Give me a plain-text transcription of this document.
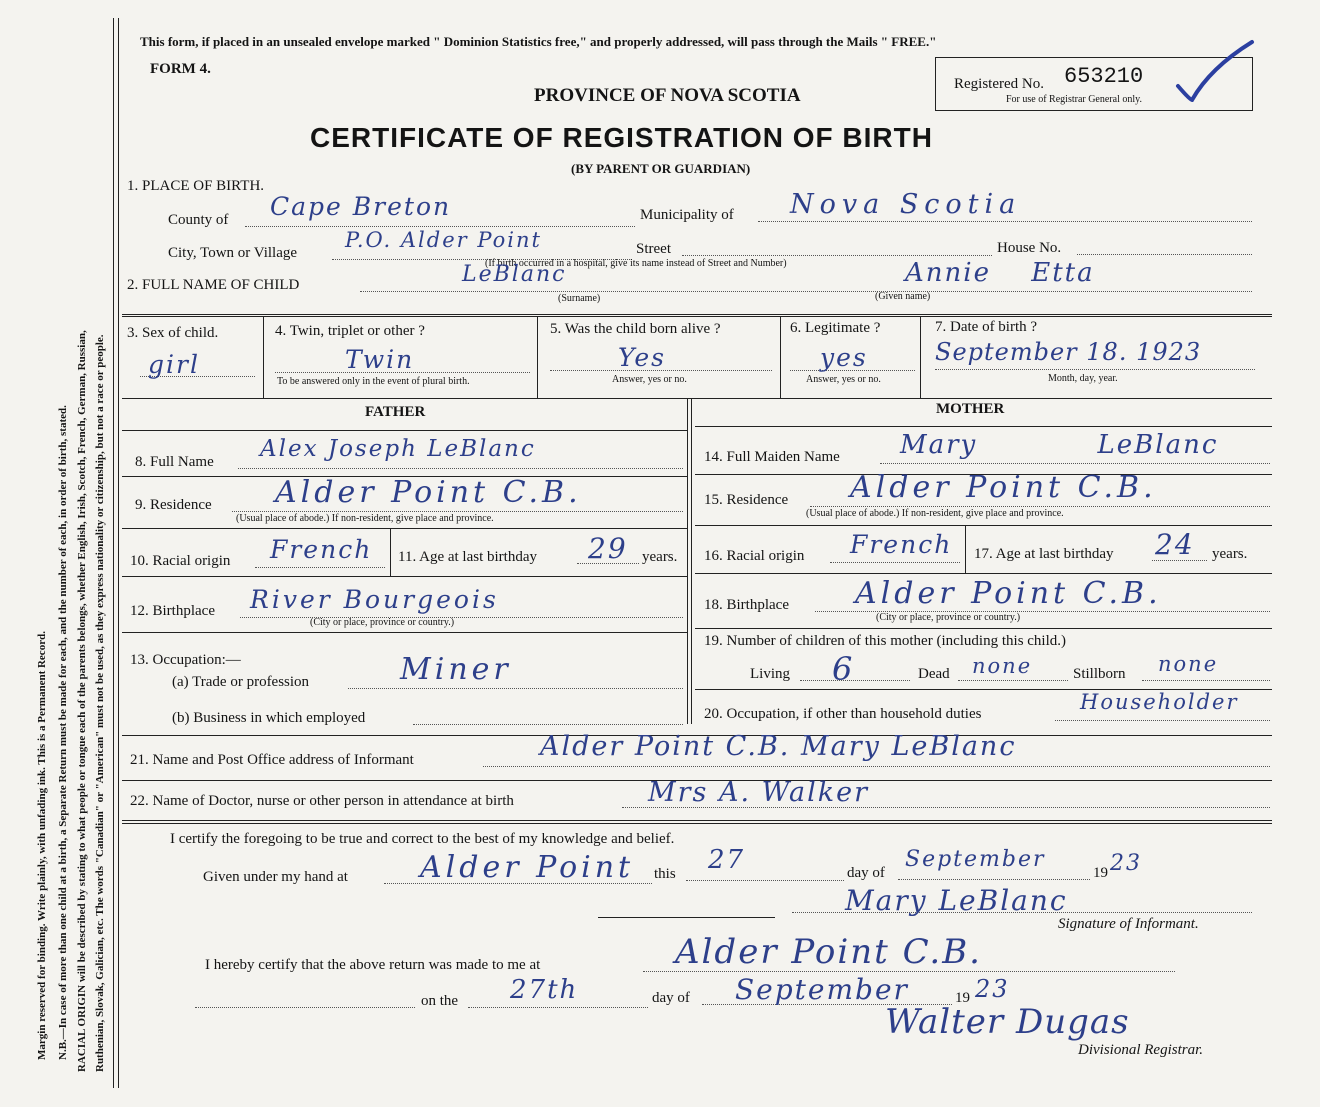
Margin reserved for binding. Write plainly, with unfading ink. This is a Permanent Record. N.B.—In case of more than one child at a birth, a Separate Return must be made for each, and the number of each, in order of birth, stated. RACIAL ORIGIN will be described by stating to what people or tongue each of the parents belongs, whether English, Irish, Scotch, French, German, Russian, Ruthenian, Slovak, Galician, etc. The words "Canadian" or "American" must not be used, as they express nationality or citizenship, but not a race or people.
This form, if placed in an unsealed envelope marked " Dominion Statistics free," and properly addressed, will pass through the Mails " FREE."
FORM 4.
PROVINCE OF NOVA SCOTIA
CERTIFICATE OF REGISTRATION OF BIRTH
(BY PARENT OR GUARDIAN)
Registered No. 653210
For use of Registrar General only.
1. PLACE OF BIRTH.
County of Cape Breton	Municipality of Nova Scotia
City, Town or Village
P.O. Alder Point	Street	House No.
(If birth occurred in a hospital, give its name instead of Street and Number)
2. FULL NAME OF CHILD	LeBlanc	Annie Etta
(Surname)	(Given name)
3. Sex of child.
girl
4. Twin, triplet or other ?
Twin
To be answered only in the event of plural birth.
5. Was the child born alive ?
Yes
Answer, yes or no.
6. Legitimate ?
yes
Answer, yes or no.
7. Date of birth ?
September 18. 1923
Month, day, year.
FATHER	MOTHER
8. Full Name Alex Joseph LeBlanc
9. Residence Alder Point C.B.
(Usual place of abode.) If non-resident, give place and province.
10. Racial origin French 11. Age at last birthday 29 years.
12. Birthplace River Bourgeois
(City or place, province or country.)
13. Occupation:—
(a) Trade or profession	Miner
(b) Business in which employed
14. Full Maiden Name Mary LeBlanc
15. Residence Alder Point C.B.
(Usual place of abode.) If non-resident, give place and province.
16. Racial origin French 17. Age at last birthday 24 years.
18. Birthplace Alder Point C.B.
(City or place, province or country.)
19. Number of children of this mother (including this child.)
Living 6	Dead none	Stillborn none
20. Occupation, if other than household duties	Householder
21. Name and Post Office address of Informant	Alder Point C.B. Mary LeBlanc
22. Name of Doctor, nurse or other person in attendance at birth	Mrs A. Walker
I certify the foregoing to be true and correct to the best of my knowledge and belief.
Given under my hand at Alder Point this 27	day of
September
19 23
Mary LeBlanc
Signature of Informant.
I hereby certify that the above return was made to me at	Alder Point C.B.
on the 27th	day of September	19 23
Walter Dugas
Divisional Registrar.
